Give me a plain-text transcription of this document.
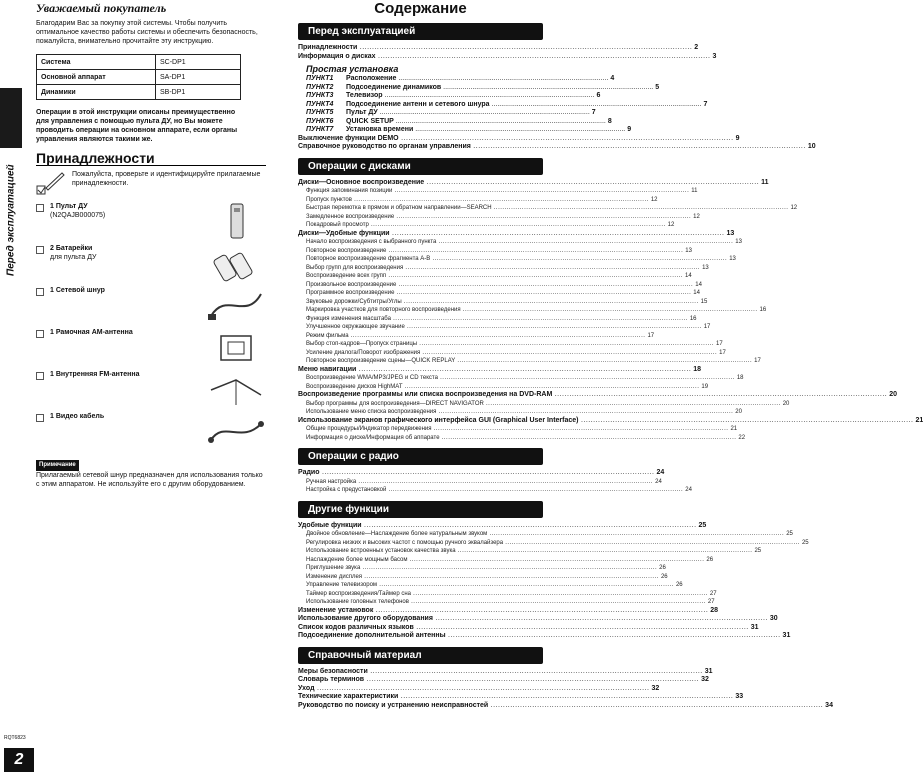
Перед эксплуатацией
Уважаемый покупатель

Благодарим Вас за покупку этой системы. Чтобы получить оптимальное качество работы системы и обеспечить безопасность, пожалуйста, внимательно прочитайте эту инструкцию.

Система	SC-DP1
Основной аппарат	SA-DP1
Динамики	SB-DP1

Операции в этой инструкции описаны преимущественно для управления с помощью пульта ДУ, но Вы можете проводить операции на основном аппарате, если органы управления являются такими же.

Принадлежности
Пожалуйста, проверьте и идентифицируйте прилагаемые принадлежности.
1 Пульт ДУ
(N2QAJB000075)
2 Батарейки
для пульта ДУ
1 Сетевой шнур
1 Рамочная АМ-антенна
1 Внутренняя FM-антенна
1 Видео кабель
Примечание
Прилагаемый сетевой шнур предназначен для использования только с этим аппаратом. Не используйте его с другим оборудованием.
Содержание
Перед эксплуатацией
Принадлежности .....	2
Информация о дисках .....	3
Простая установка
ПУНКТ1	Расположение .....	4
ПУНКТ2	Подсоединение динамиков .....	5
ПУНКТ3	Телевизор .....	6
ПУНКТ4	Подсоединение антенн и сетевого шнура .....	7
ПУНКТ5	Пульт ДУ .....	7
ПУНКТ6	QUICK SETUP .....	8
ПУНКТ7	Установка времени .....	9
Выключение функции DEMO .....	9
Справочное руководство по органам управления .....	10
Операции с дисками
Диски—Основное воспроизведение .....	11
Функция запоминания позиции .....	11
Пропуск пунктов .....	12
Быстрая перемотка в прямом и обратном направлении—SEARCH .....	12
Замедленное воспроизведение .....	12
Покадровый просмотр .....	12
Диски—Удобные функции .....	13
Начало воспроизведения с выбранного пункта .....	13
Повторное воспроизведение .....	13
Повторное воспроизведение фрагмента A-B .....	13
Выбор групп для воспроизведения .....	13
Воспроизведение всех групп .....	14
Произвольное воспроизведение .....	14
Программное воспроизведение .....	14
Звуковые дорожки/Субтитры/Углы .....	15
Маркировка участков для повторного воспроизведения .....	16
Функция изменения масштаба .....	16
Улучшенное окружающее звучание .....	17
Режим фильма .....	17
Выбор стоп-кадров—Пропуск страницы .....	17
Усиление диалога/Поворот изображения .....	17
Повторное воспроизведение сцены—QUICK REPLAY .....	17
Меню навигации .....	18
Воспроизведение WMA/MP3/JPEG и CD текста .....	18
Воспроизведение дисков HighMAT .....	19
Воспроизведение программы или списка воспроизведения на DVD-RAM .....	20
Выбор программы для воспроизведения—DIRECT NAVIGATOR .....	20
Использование меню списка воспроизведения .....	20
Использование экранов графического интерфейса GUI (Graphical User Interface) .....	21
Общие процедуры/Индикатор передвижения .....	21
Информация о диске/Информация об аппарате .....	22
Операции с радио
Радио .....	24
Ручная настройка .....	24
Настройка с предустановкой .....	24
Другие функции
Удобные функции .....	25
Двойное обновление—Наслаждение более натуральным звуком .....	25
Регулировка низких и высоких частот с помощью ручного эквалайзера .....	25
Использование встроенных установок качества звука .....	25
Наслаждение более мощным басом .....	26
Приглушение звука .....	26
Изменение дисплея .....	26
Управление телевизором .....	26
Таймер воспроизведения/Таймер сна .....	27
Использование головных телефонов .....	27
Изменение установок .....	28
Использование другого оборудования .....	30
Список кодов различных языков .....	31
Подсоединение дополнительной антенны .....	31
Справочный материал
Меры безопасности .....	31
Словарь терминов .....	32
Уход .....	32
Технические характеристики .....	33
Руководство по поиску и устранению неисправностей .....	34
RQT6823
2
